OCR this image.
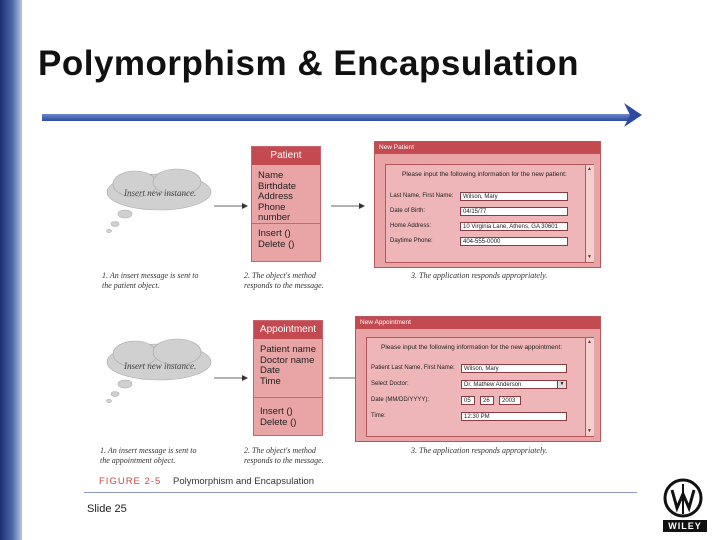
Polymorphism & Encapsulation
Insert new instance.
Patient
Name
Birthdate
Address
Phone number
Insert ()
Delete ()
New Patient
Please input the following information for the new patient:
Last Name, First Name:	Wilson, Mary
Date of Birth:	04/15/77
Home Address:	10 Virginia Lane, Athens, GA 30601
Daytime Phone:	404-555-0000
▲
▼
1. An insert message is sent to the patient object.
2. The object's method responds to the message.
3. The application responds appropriately.
Insert new instance.
Appointment
Patient name
Doctor name
Date
Time
Insert ()
Delete ()
New Appointment
Please input the following information for the new appointment:
Patient Last Name, First Name:	Wilson, Mary
Select Doctor:	Dr. Mathew Anderson	▼
Date (MM/DD/YYYY):	05	26	2003
Time:	12:30 PM
▲
▼
1. An insert message is sent to the appointment object.
2. The object's method responds to the message.
3. The application responds appropriately.
FIGURE 2-5 Polymorphism and Encapsulation
Slide 25
WILEY
